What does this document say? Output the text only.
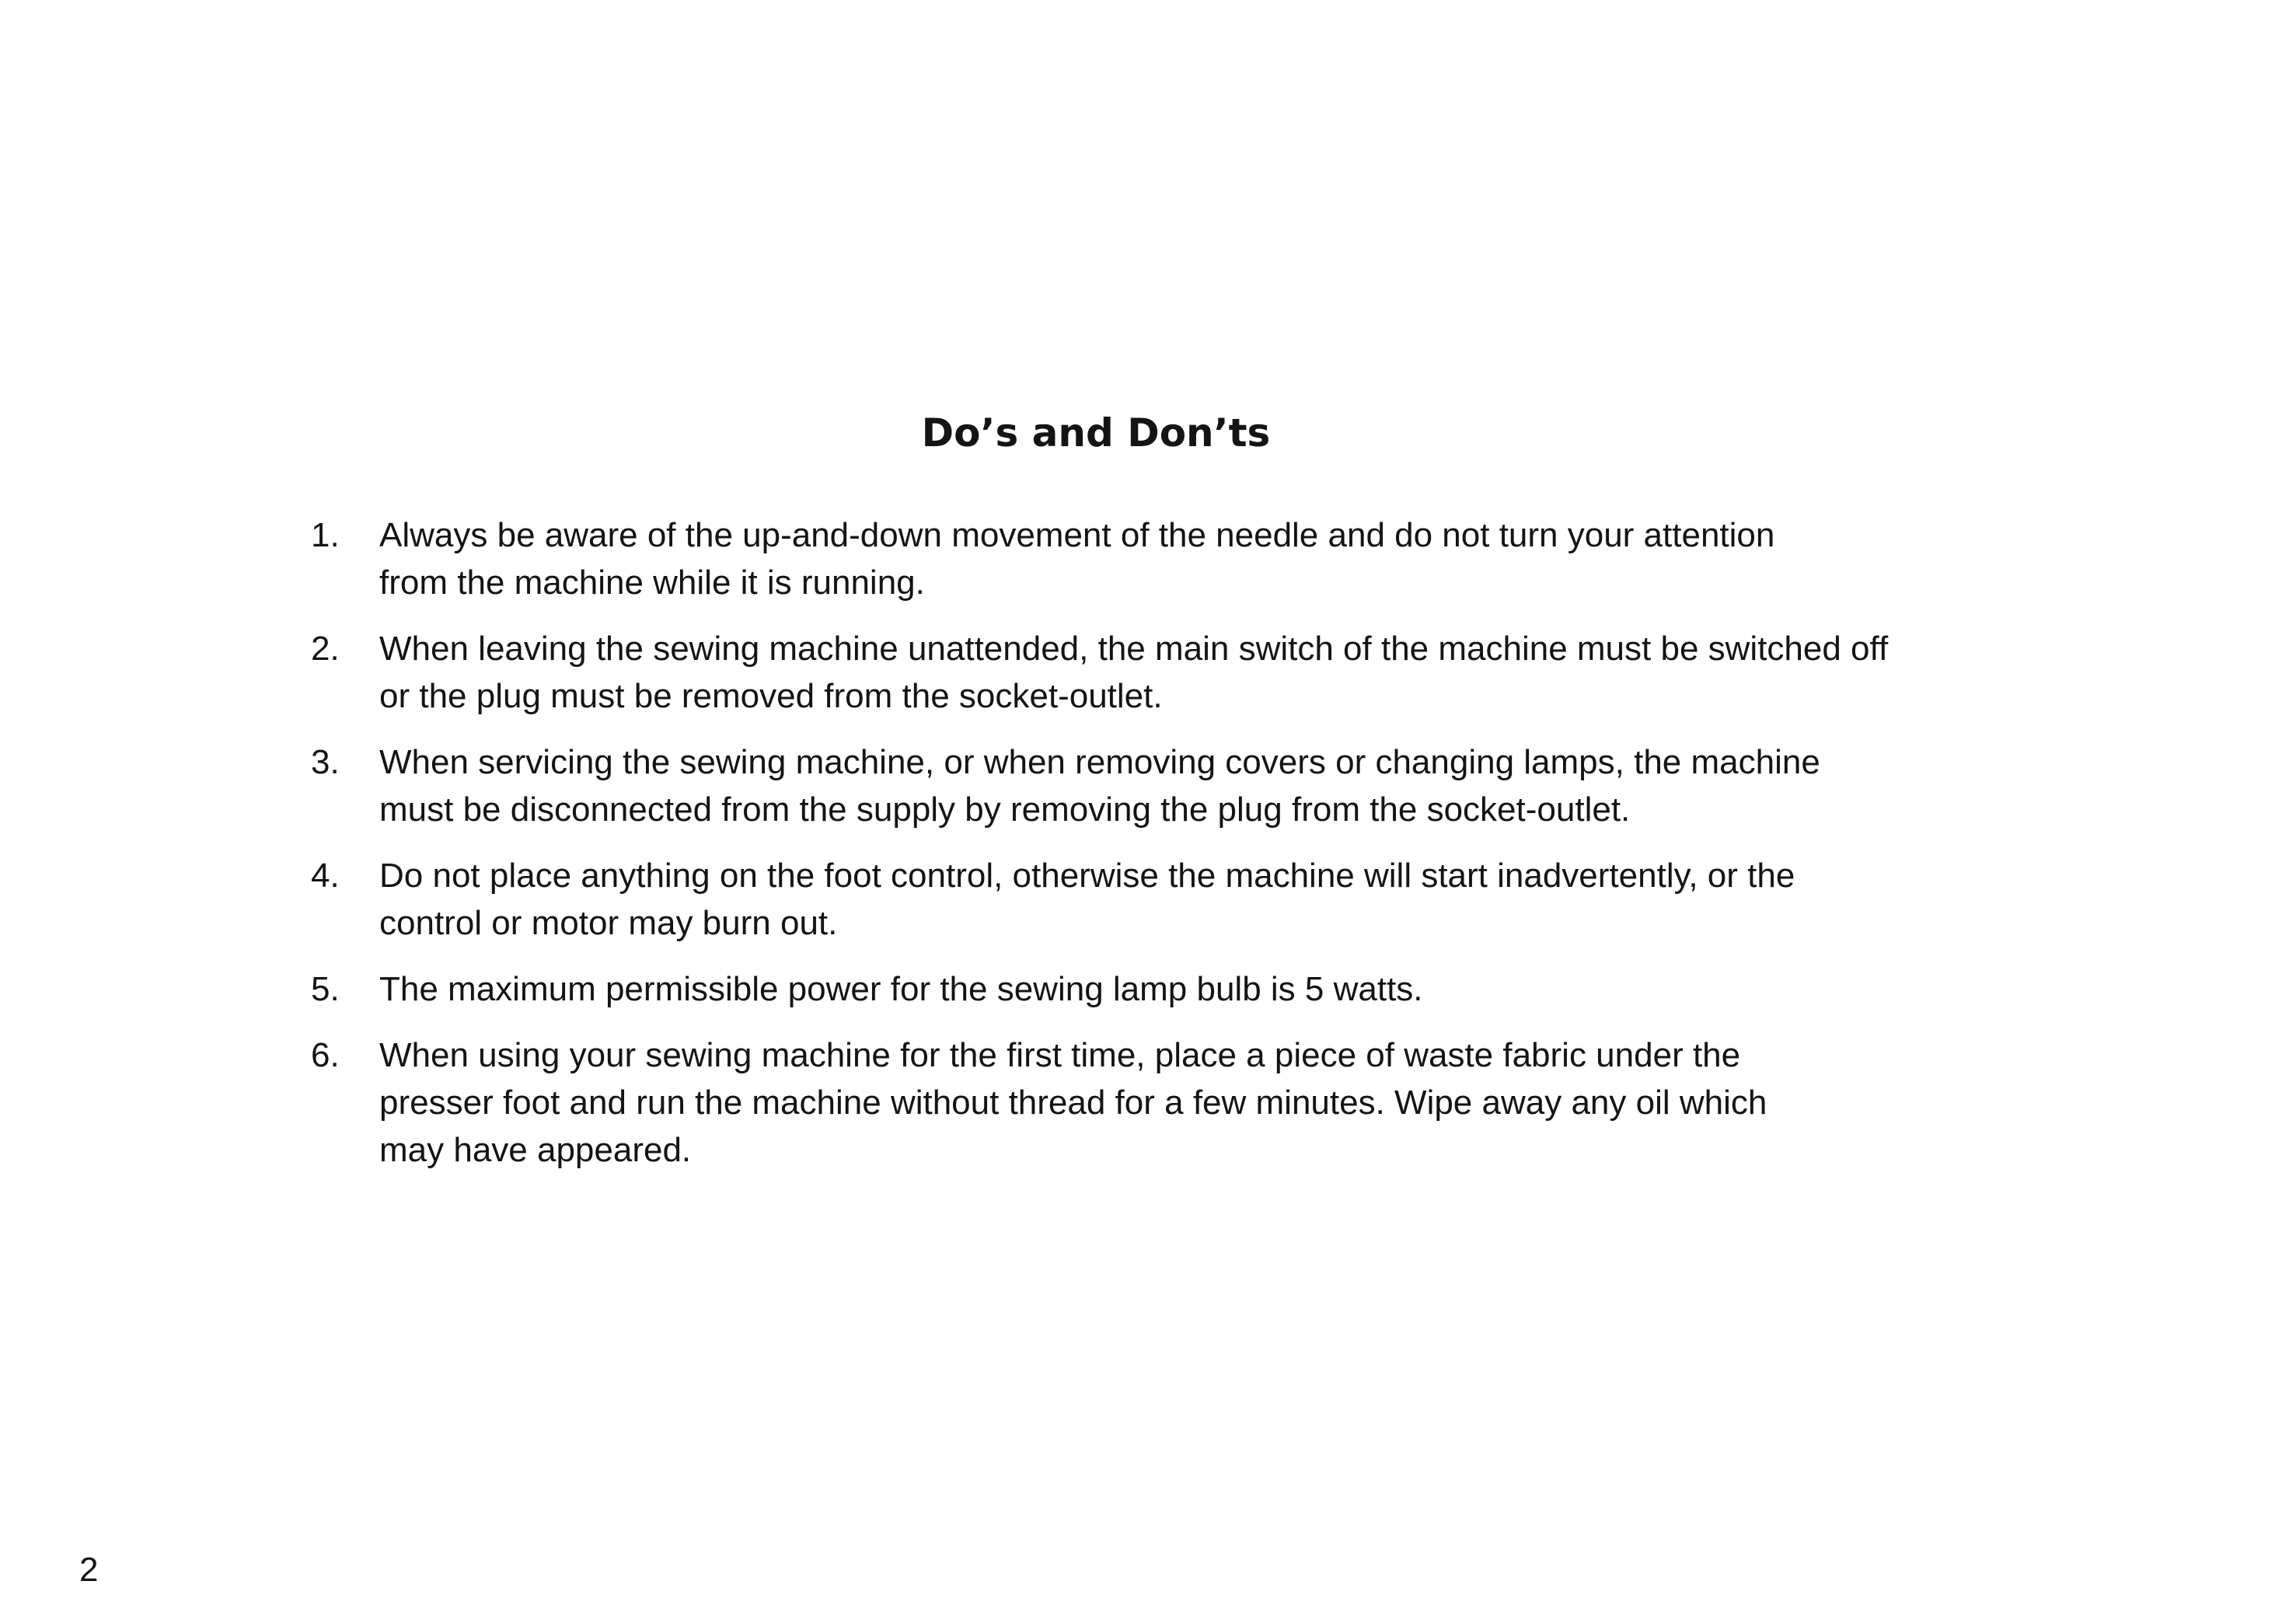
Do’s and Don’ts
1.	Always be aware of the up-and-down movement of the needle and do not turn your attention
from the machine while it is running.
2.	When leaving the sewing machine unattended, the main switch of the machine must be switched off
or the plug must be removed from the socket-outlet.
3.	When servicing the sewing machine, or when removing covers or changing lamps, the machine
must be disconnected from the supply by removing the plug from the socket-outlet.
4.	Do not place anything on the foot control, otherwise the machine will start inadvertently, or the
control or motor may burn out.
5.	The maximum permissible power for the sewing lamp bulb is 5 watts.
6.	When using your sewing machine for the first time, place a piece of waste fabric under the
presser foot and run the machine without thread for a few minutes. Wipe away any oil which
may have appeared.
2
